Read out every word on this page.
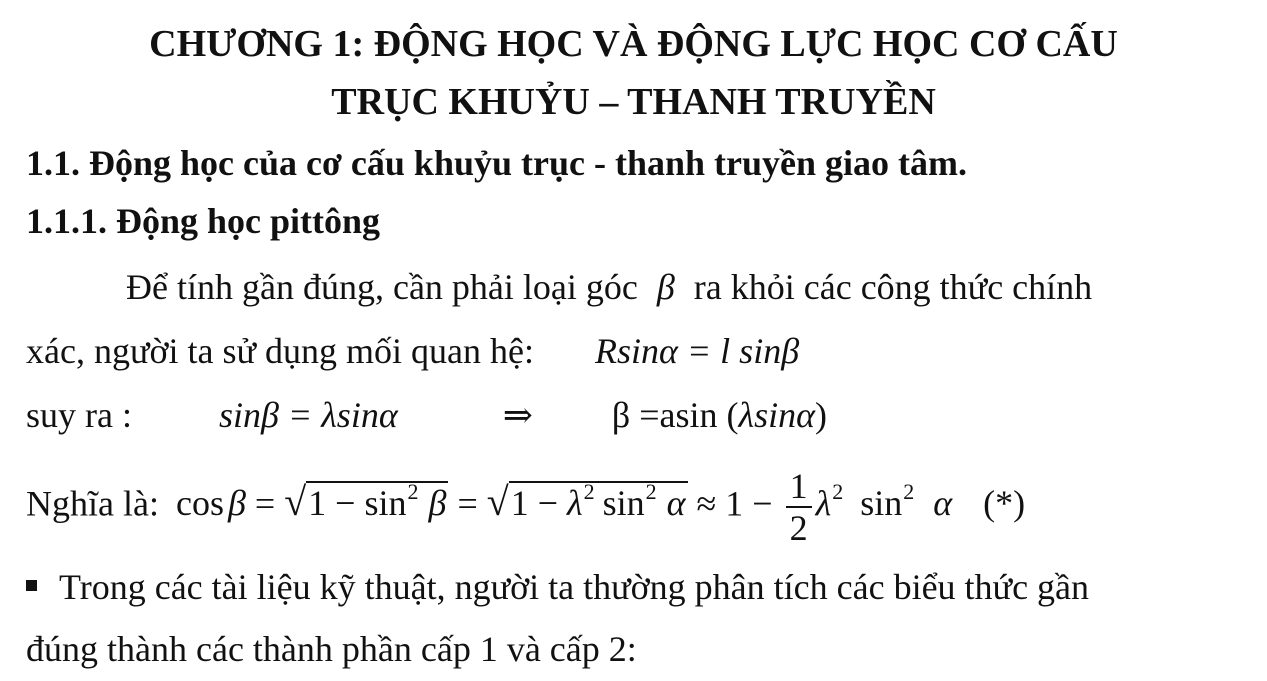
CHƯƠNG 1: ĐỘNG HỌC VÀ ĐỘNG LỰC HỌC CƠ CẤU
TRỤC KHUỶU – THANH TRUYỀN
1.1. Động học của cơ cấu khuỷu trục - thanh truyền giao tâm.
1.1.1. Động học pittông
Để tính gần đúng, cần phải loại góc β ra khỏi các công thức chính
xác, người ta sử dụng mối quan hệ: Rsinα = l sinβ
suy ra : sinβ = λsinα	⇒ β =asin (λsinα)
Nghĩa là: $\cos \beta = √1 - \sin^2 \beta = √1 - \lambda^2$ $\sin^2 \alpha \approx 1 - \frac{1}{2} \lambda^2$ $\sin^2 \alpha$ (*)
Trong các tài liệu kỹ thuật, người ta thường phân tích các biểu thức gần
đúng thành các thành phần cấp 1 và cấp 2:
